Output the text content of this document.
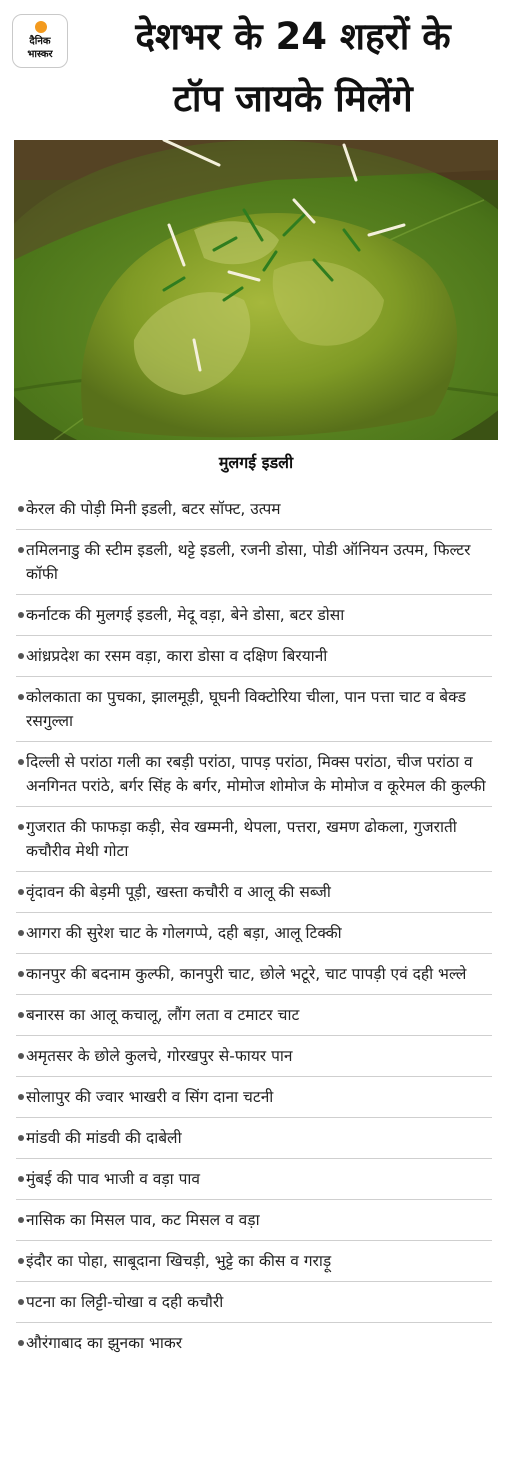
दैनिक
भास्कर	देशभर के 24 शहरों के
टॉप जायके मिलेंगे
मुलगई इडली
केरल की पोड़ी मिनी इडली, बटर सॉफ्ट, उत्पम
तमिलनाडु की स्टीम इडली, थट्टे इडली, रजनी डोसा, पोडी ऑनियन उत्पम, फिल्टर कॉफी
कर्नाटक की मुलगई इडली, मेदू वड़ा, बेने डोसा, बटर डोसा
आंध्रप्रदेश का रसम वड़ा, कारा डोसा व दक्षिण बिरयानी
कोलकाता का पुचका, झालमूड़ी, घूघनी विक्टोरिया चीला, पान पत्ता चाट व बेक्ड रसगुल्ला
दिल्ली से परांठा गली का रबड़ी परांठा, पापड़ परांठा, मिक्स परांठा, चीज परांठा व अनगिनत परांठे, बर्गर सिंह के बर्गर, मोमोज शोमोज के मोमोज व कूरेमल की कुल्फी
गुजरात की फाफड़ा कड़ी, सेव खम्मनी, थेपला, पत्तरा, खमण ढोकला, गुजराती कचौरीव मेथी गोटा
वृंदावन की बेड़मी पूड़ी, खस्ता कचौरी व आलू की सब्जी
आगरा की सुरेश चाट के गोलगप्पे, दही बड़ा, आलू टिक्की
कानपुर की बदनाम कुल्फी, कानपुरी चाट, छोले भटूरे, चाट पापड़ी एवं दही भल्ले
बनारस का आलू कचालू, लौंग लता व टमाटर चाट
अमृतसर के छोले कुलचे, गोरखपुर से-फायर पान
सोलापुर की ज्वार भाखरी व सिंग दाना चटनी
मांडवी की मांडवी की दाबेली
मुंबई की पाव भाजी व वड़ा पाव
नासिक का मिसल पाव, कट मिसल व वड़ा
इंदौर का पोहा, साबूदाना खिचड़ी, भुट्टे का कीस व गराड़ू
पटना का लिट्टी-चोखा व दही कचौरी
औरंगाबाद का झुनका भाकर
